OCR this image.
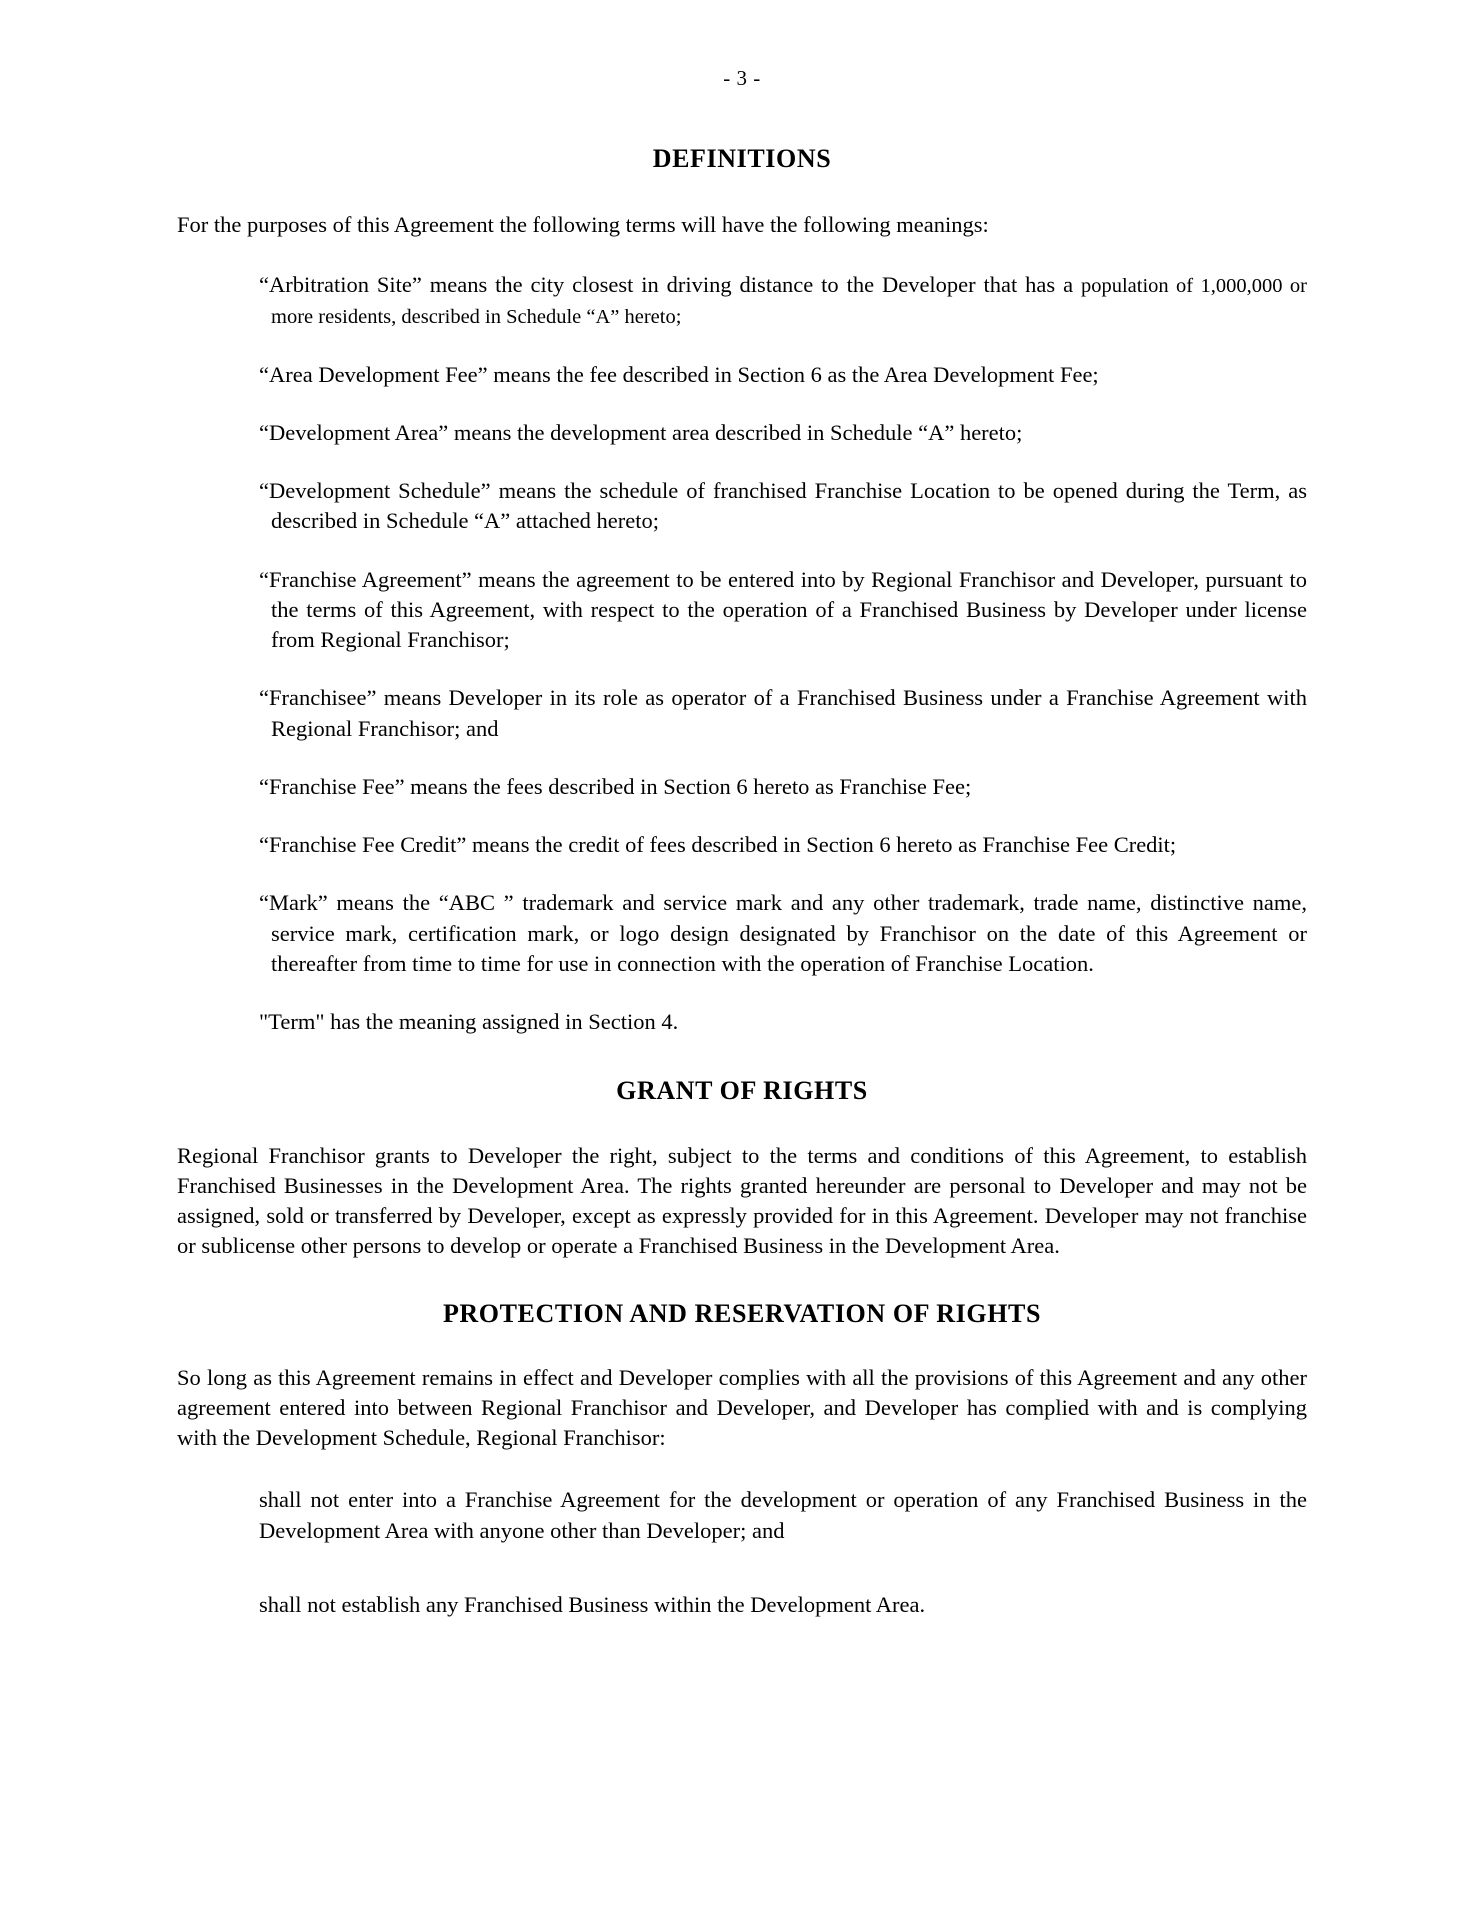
- 3 -
DEFINITIONS

For the purposes of this Agreement the following terms will have the following meanings:

“Arbitration Site” means the city closest in driving distance to the Developer that has a population of 1,000,000 or more residents, described in Schedule “A” hereto;

“Area Development Fee” means the fee described in Section 6 as the Area Development Fee;

“Development Area” means the development area described in Schedule “A” hereto;

“Development Schedule” means the schedule of franchised Franchise Location to be opened during the Term, as described in Schedule “A” attached hereto;

“Franchise Agreement” means the agreement to be entered into by Regional Franchisor and Developer, pursuant to the terms of this Agreement, with respect to the operation of a Franchised Business by Developer under license from Regional Franchisor;

“Franchisee” means Developer in its role as operator of a Franchised Business under a Franchise Agreement with Regional Franchisor; and

“Franchise Fee” means the fees described in Section 6 hereto as Franchise Fee;

“Franchise Fee Credit” means the credit of fees described in Section 6 hereto as Franchise Fee Credit;

“Mark” means the “ABC ” trademark and service mark and any other trademark, trade name, distinctive name, service mark, certification mark, or logo design designated by Franchisor on the date of this Agreement or thereafter from time to time for use in connection with the operation of Franchise Location.

"Term" has the meaning assigned in Section 4.

GRANT OF RIGHTS

Regional Franchisor grants to Developer the right, subject to the terms and conditions of this Agreement, to establish Franchised Businesses in the Development Area. The rights granted hereunder are personal to Developer and may not be assigned, sold or transferred by Developer, except as expressly provided for in this Agreement. Developer may not franchise or sublicense other persons to develop or operate a Franchised Business in the Development Area.

PROTECTION AND RESERVATION OF RIGHTS

So long as this Agreement remains in effect and Developer complies with all the provisions of this Agreement and any other agreement entered into between Regional Franchisor and Developer, and Developer has complied with and is complying with the Development Schedule, Regional Franchisor:

shall not enter into a Franchise Agreement for the development or operation of any Franchised Business in the Development Area with anyone other than Developer; and

shall not establish any Franchised Business within the Development Area.
